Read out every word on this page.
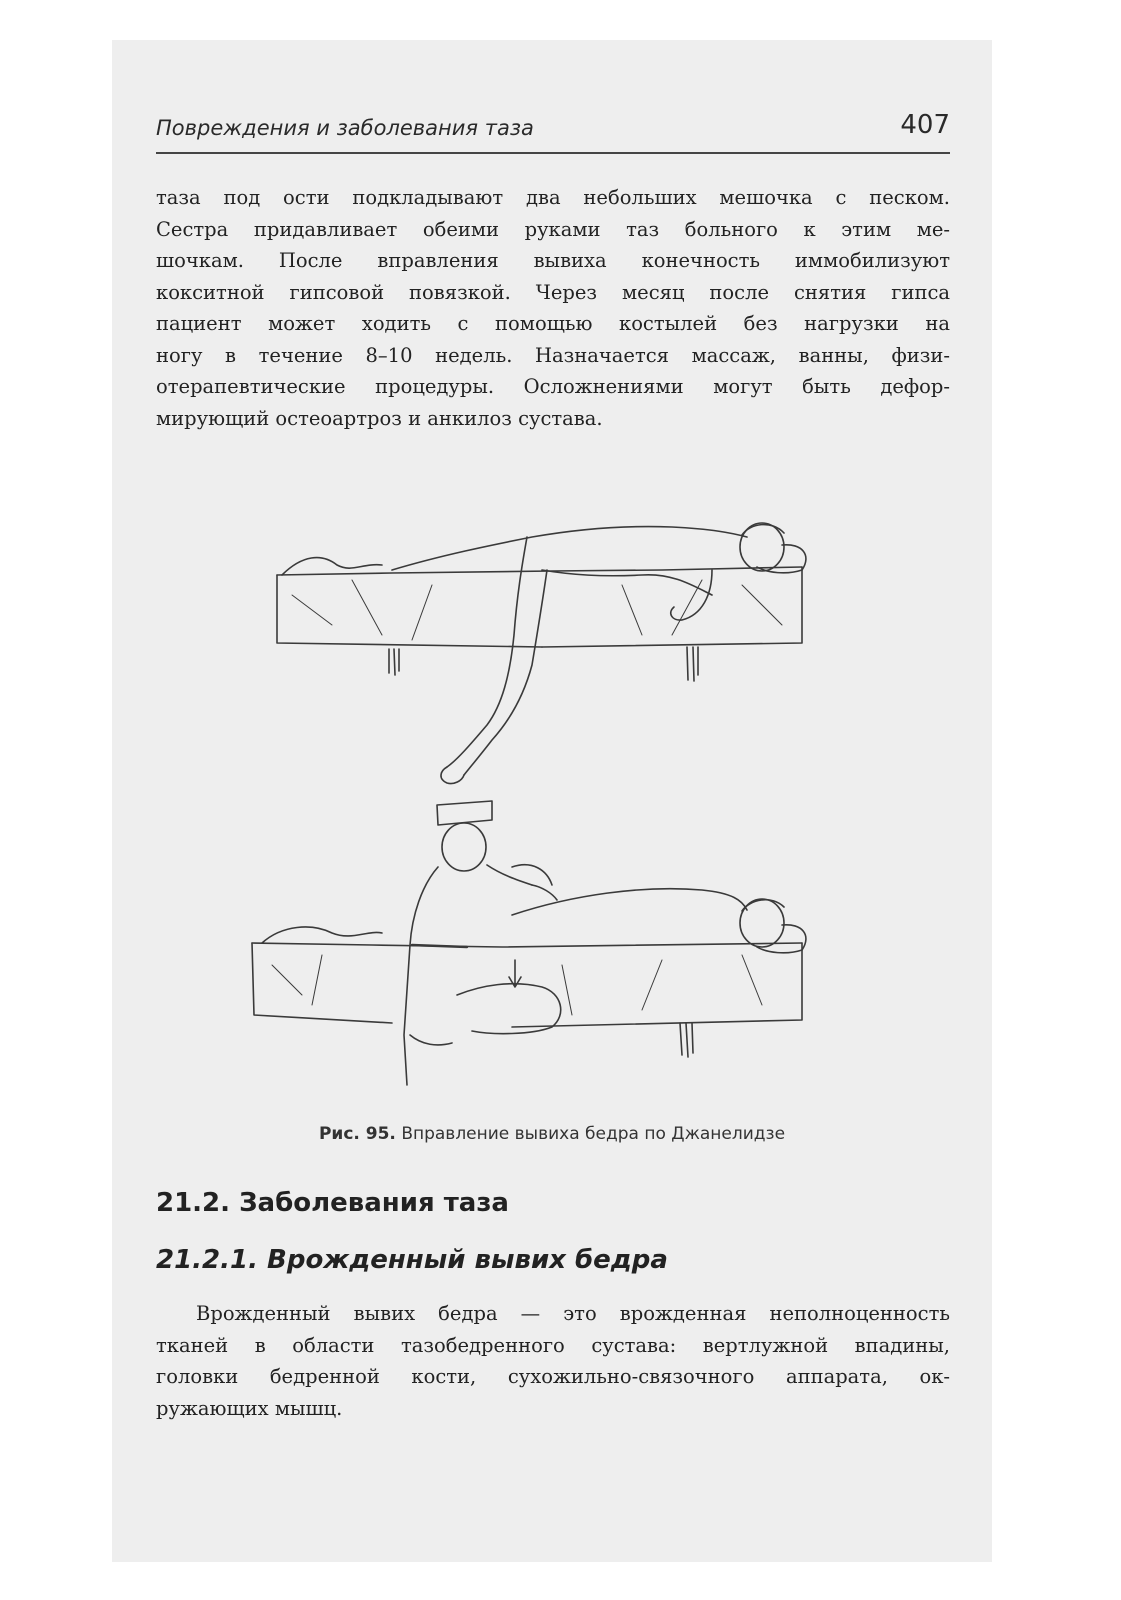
Повреждения и заболевания таза	407

таза под ости подкладывают два небольших мешочка с песком.
Сестра придавливает обеими руками таз больного к этим ме-
шочкам. После вправления вывиха конечность иммобилизуют
кокситной гипсовой повязкой. Через месяц после снятия гипса
пациент может ходить с помощью костылей без нагрузки на
ногу в течение 8–10 недель. Назначается массаж, ванны, физи-
отерапевтические процедуры. Осложнениями могут быть дефор-
мирующий остеоартроз и анкилоз сустава.

Рис. 95. Вправление вывиха бедра по Джанелидзе
21.2. Заболевания таза
21.2.1. Врожденный вывих бедра

Врожденный вывих бедра — это врожденная неполноценность
тканей в области тазобедренного сустава: вертлужной впадины,
головки бедренной кости, сухожильно-связочного аппарата, ок-
ружающих мышц.
